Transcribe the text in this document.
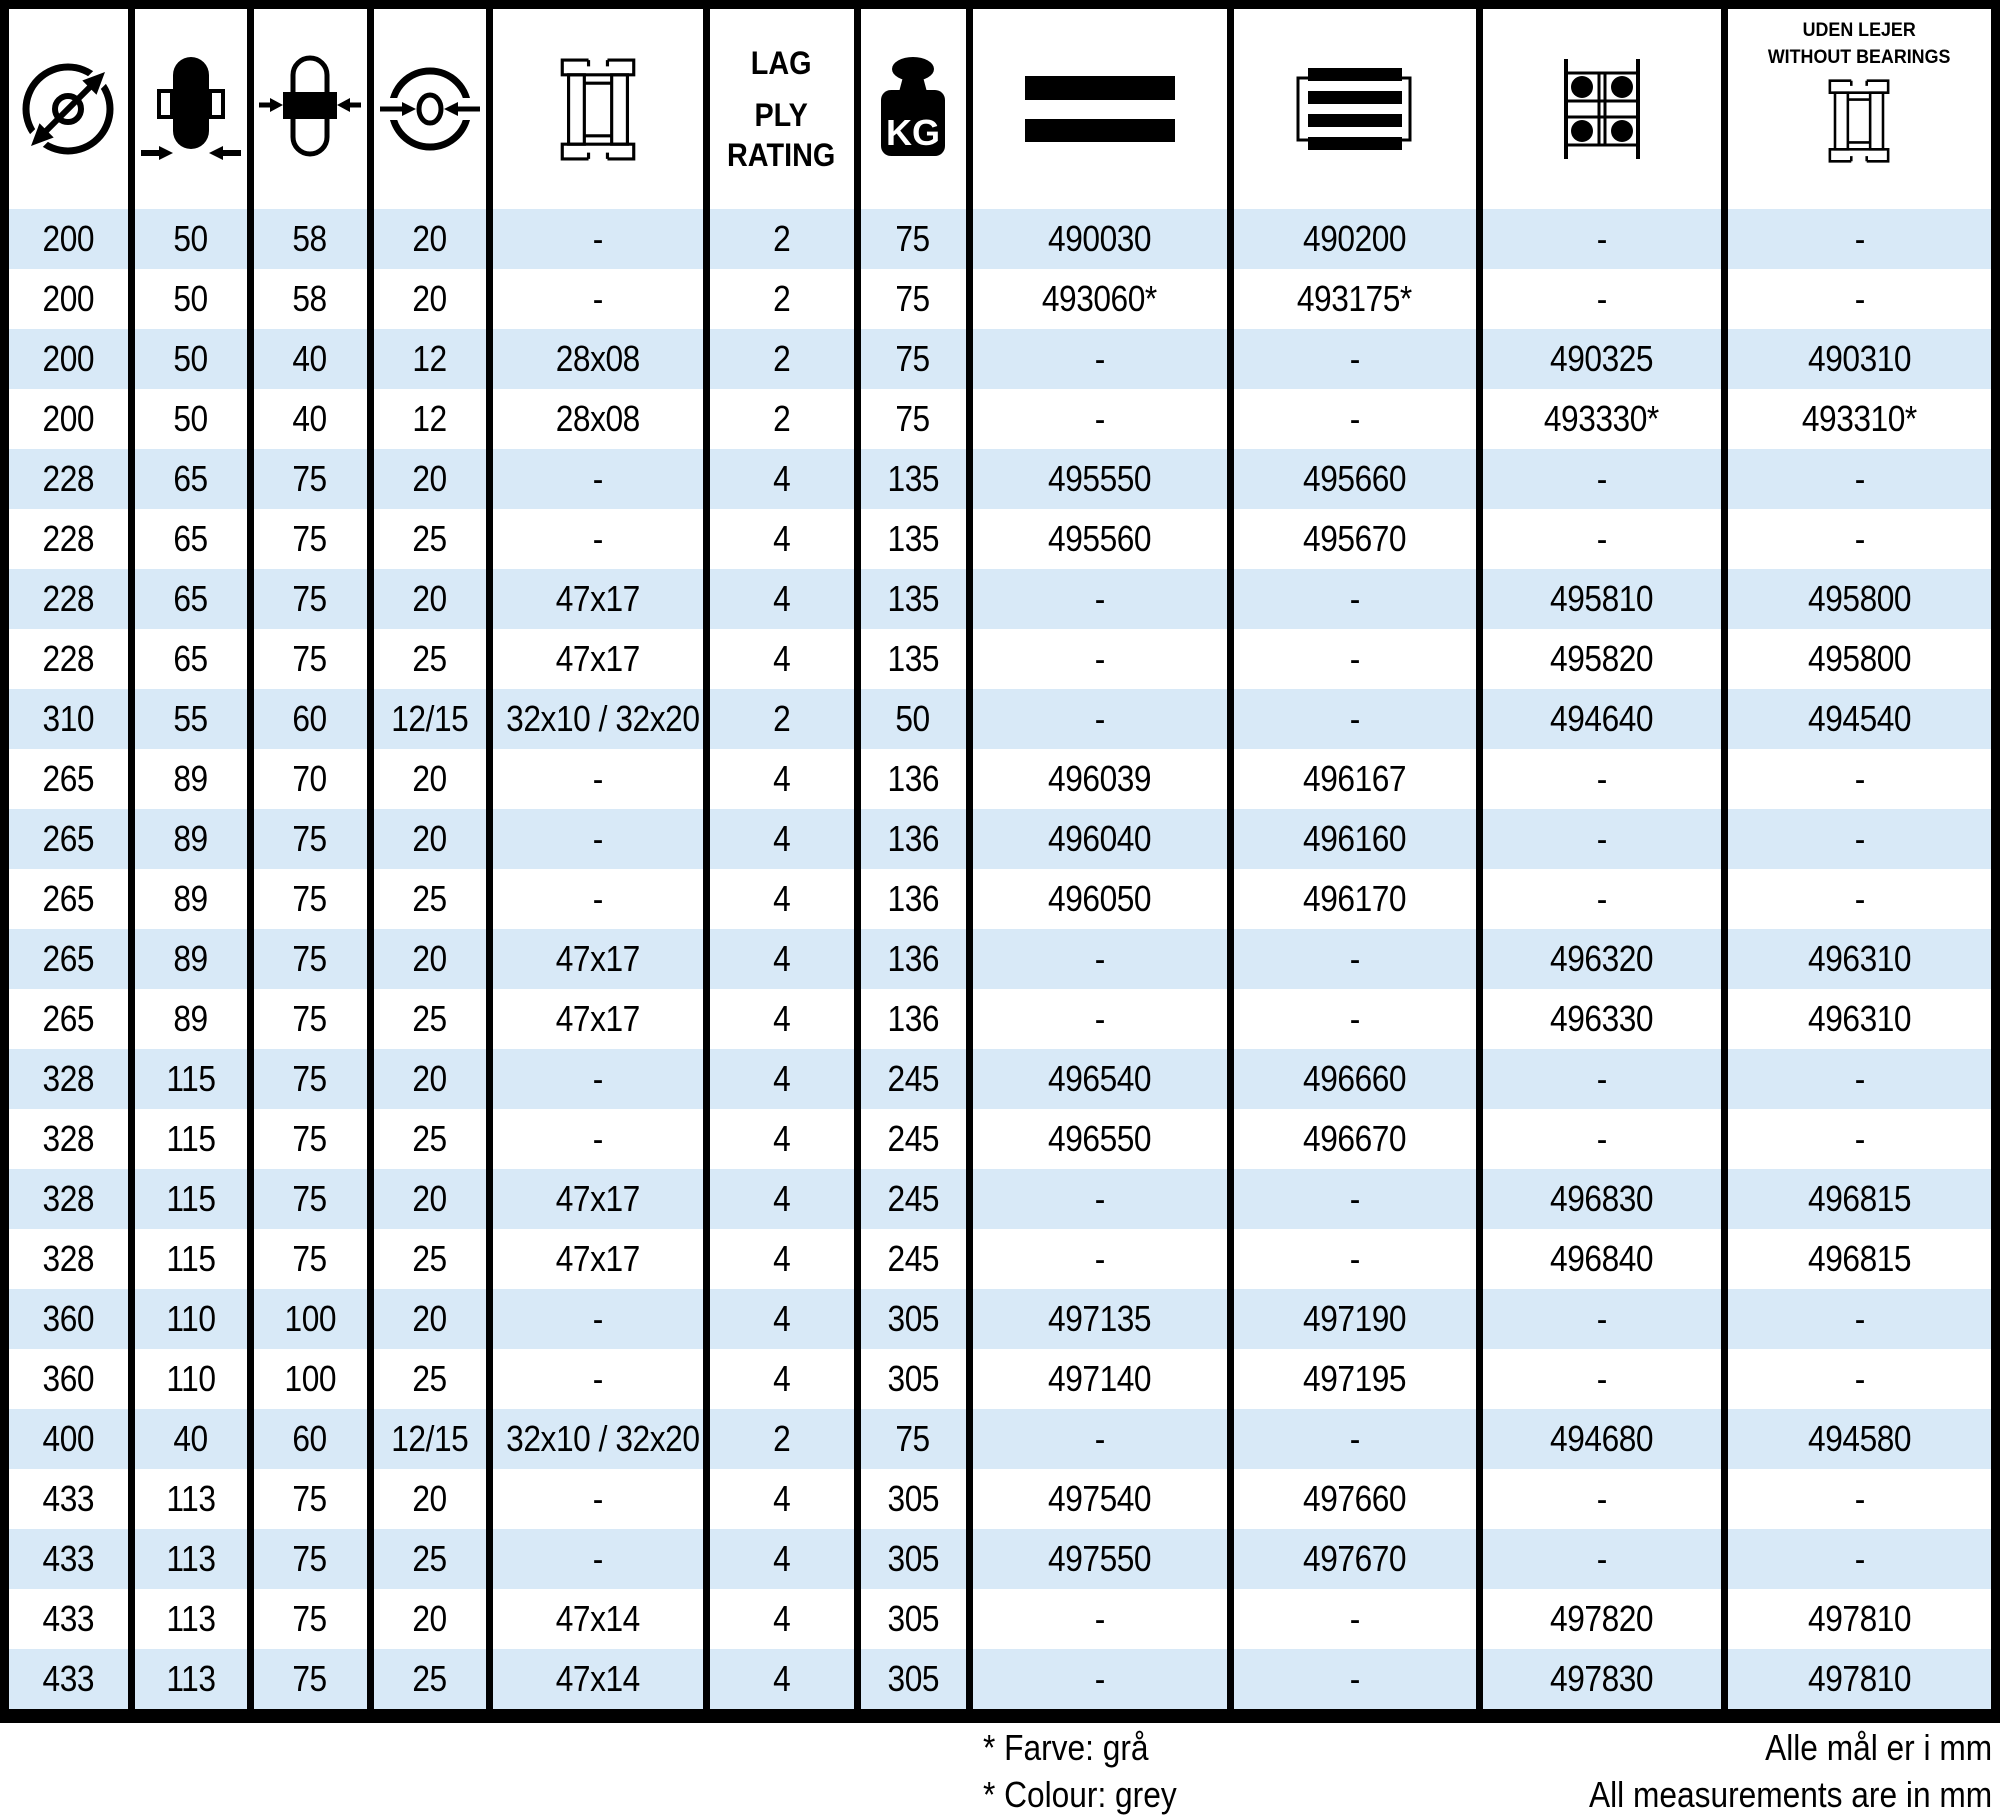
LAG
PLY
RATING

KG

UDEN LEJER
WITHOUT BEARINGS

200	50	58	20	-	2	75	490030	490200	-	-
200	50	58	20	-	2	75	493060*	493175*	-	-
200	50	40	12	28x08	2	75	-	-	490325	490310
200	50	40	12	28x08	2	75	-	-	493330*	493310*
228	65	75	20	-	4	135	495550	495660	-	-
228	65	75	25	-	4	135	495560	495670	-	-
228	65	75	20	47x17	4	135	-	-	495810	495800
228	65	75	25	47x17	4	135	-	-	495820	495800
310	55	60	12/15	32x10 / 32x20	2	50	-	-	494640	494540
265	89	70	20	-	4	136	496039	496167	-	-
265	89	75	20	-	4	136	496040	496160	-	-
265	89	75	25	-	4	136	496050	496170	-	-
265	89	75	20	47x17	4	136	-	-	496320	496310
265	89	75	25	47x17	4	136	-	-	496330	496310
328	115	75	20	-	4	245	496540	496660	-	-
328	115	75	25	-	4	245	496550	496670	-	-
328	115	75	20	47x17	4	245	-	-	496830	496815
328	115	75	25	47x17	4	245	-	-	496840	496815
360	110	100	20	-	4	305	497135	497190	-	-
360	110	100	25	-	4	305	497140	497195	-	-
400	40	60	12/15	32x10 / 32x20	2	75	-	-	494680	494580
433	113	75	20	-	4	305	497540	497660	-	-
433	113	75	25	-	4	305	497550	497670	-	-
433	113	75	20	47x14	4	305	-	-	497820	497810
433	113	75	25	47x14	4	305	-	-	497830	497810
* Farve: grå
* Colour: grey
Alle mål er i mm
All measurements are in mm
